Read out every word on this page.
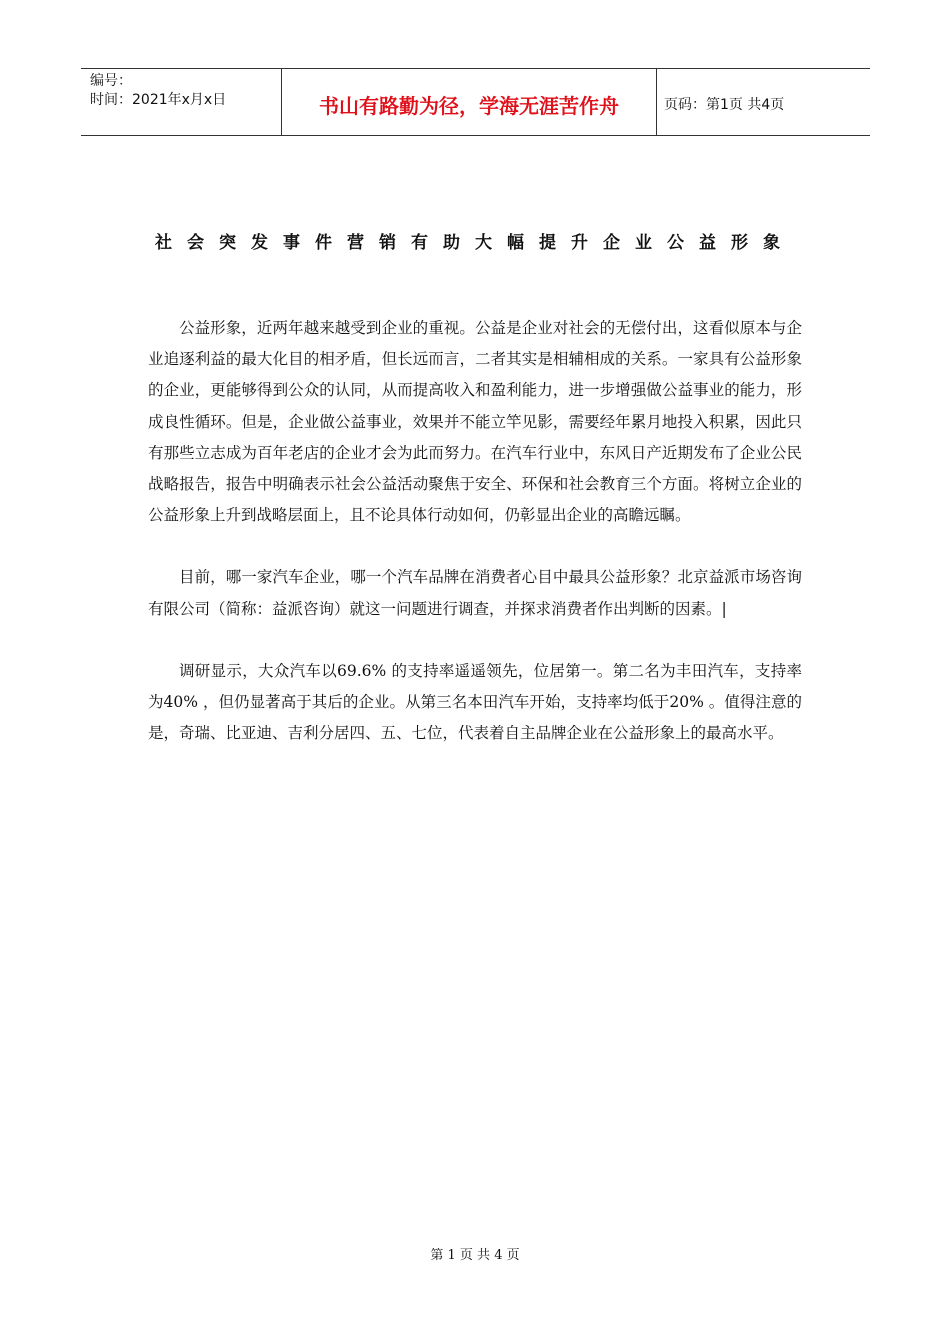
编号：
时间：2021年x月x日	书山有路勤为径，学海无涯苦作舟	页码：第1页 共4页
社会突发事件营销有助大幅提升企业公益形象

公益形象，近两年越来越受到企业的重视。公益是企业对社会的无偿付出，这看似原本与企业追逐利益的最大化目的相矛盾，但长远而言，二者其实是相辅相成的关系。一家具有公益形象的企业，更能够得到公众的认同，从而提高收入和盈利能力，进一步增强做公益事业的能力，形成良性循环。但是，企业做公益事业，效果并不能立竿见影，需要经年累月地投入积累，因此只有那些立志成为百年老店的企业才会为此而努力。在汽车行业中，东风日产近期发布了企业公民战略报告，报告中明确表示社会公益活动聚焦于安全、环保和社会教育三个方面。将树立企业的公益形象上升到战略层面上，且不论具体行动如何，仍彰显出企业的高瞻远瞩。

目前，哪一家汽车企业，哪一个汽车品牌在消费者心目中最具公益形象？北京益派市场咨询有限公司（简称：益派咨询）就这一问题进行调查，并探求消费者作出判断的因素。|

调研显示，大众汽车以69.6% 的支持率遥遥领先，位居第一。第二名为丰田汽车，支持率为40% ，但仍显著高于其后的企业。从第三名本田汽车开始，支持率均低于20% 。值得注意的是，奇瑞、比亚迪、吉利分居四、五、七位，代表着自主品牌企业在公益形象上的最高水平。

第 1 页 共 4 页
